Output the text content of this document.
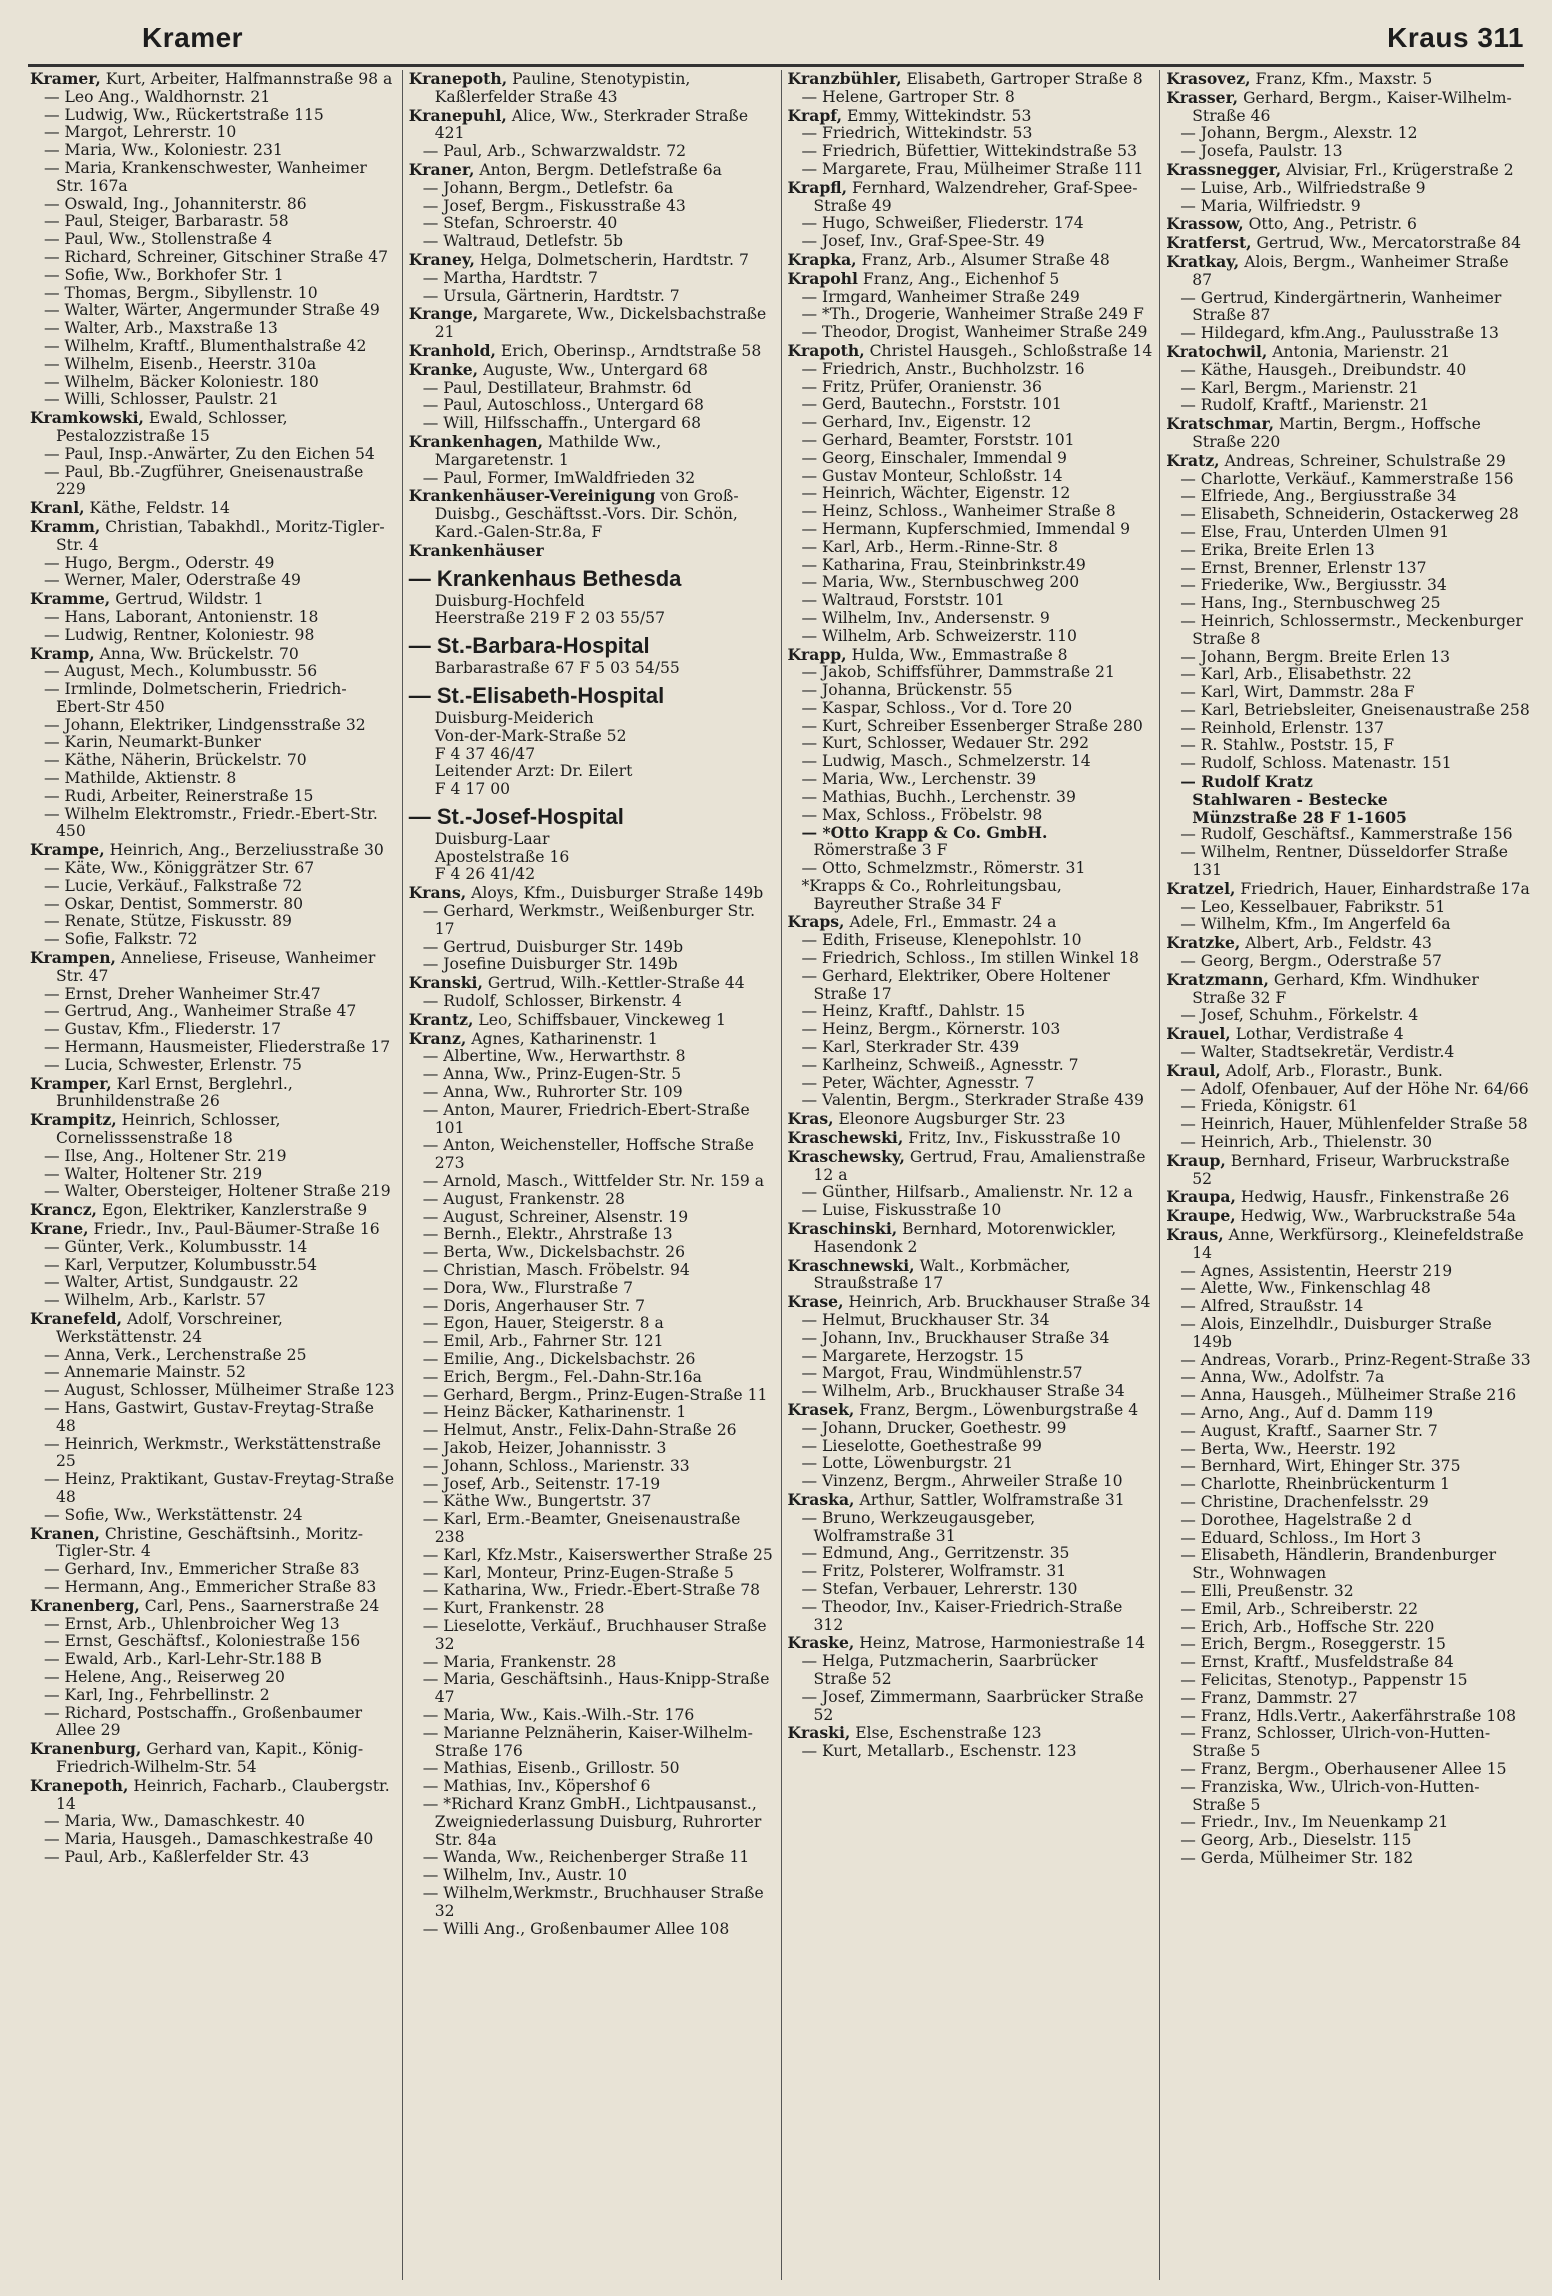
Kramer	Kraus 311
Kramer, Kurt, Arbeiter, Halfmannstraße 98 a
— Leo Ang., Waldhornstr. 21
— Ludwig, Ww., Rückertstraße 115
— Margot, Lehrerstr. 10
— Maria, Ww., Koloniestr. 231
— Maria, Krankenschwester, Wanheimer Str. 167a
— Oswald, Ing., Johanniterstr. 86
— Paul, Steiger, Barbarastr. 58
— Paul, Ww., Stollenstraße 4
— Richard, Schreiner, Gitschiner Straße 47
— Sofie, Ww., Borkhofer Str. 1
— Thomas, Bergm., Sibyllenstr. 10
— Walter, Wärter, Angermunder Straße 49
— Walter, Arb., Maxstraße 13
— Wilhelm, Kraftf., Blumenthalstraße 42
— Wilhelm, Eisenb., Heerstr. 310a
— Wilhelm, Bäcker Koloniestr. 180
— Willi, Schlosser, Paulstr. 21
Kramkowski, Ewald, Schlosser, Pestalozzistraße 15
— Paul, Insp.-Anwärter, Zu den Eichen 54
— Paul, Bb.-Zugführer, Gneisenaustraße 229
Kranl, Käthe, Feldstr. 14
Kramm, Christian, Tabakhdl., Moritz-Tigler-Str. 4
— Hugo, Bergm., Oderstr. 49
— Werner, Maler, Oderstraße 49
Kramme, Gertrud, Wildstr. 1
— Hans, Laborant, Antonienstr. 18
— Ludwig, Rentner, Koloniestr. 98
Kramp, Anna, Ww. Brückelstr. 70
— August, Mech., Kolumbusstr. 56
— Irmlinde, Dolmetscherin, Friedrich-Ebert-Str 450
— Johann, Elektriker, Lindgensstraße 32
— Karin, Neumarkt-Bunker
— Käthe, Näherin, Brückelstr. 70
— Mathilde, Aktienstr. 8
— Rudi, Arbeiter, Reinerstraße 15
— Wilhelm Elektromstr., Friedr.-Ebert-Str. 450
Krampe, Heinrich, Ang., Berzeliusstraße 30
— Käte, Ww., Königgrätzer Str. 67
— Lucie, Verkäuf., Falkstraße 72
— Oskar, Dentist, Sommerstr. 80
— Renate, Stütze, Fiskusstr. 89
— Sofie, Falkstr. 72
Krampen, Anneliese, Friseuse, Wanheimer Str. 47
— Ernst, Dreher Wanheimer Str.47
— Gertrud, Ang., Wanheimer Straße 47
— Gustav, Kfm., Fliederstr. 17
— Hermann, Hausmeister, Fliederstraße 17
— Lucia, Schwester, Erlenstr. 75
Kramper, Karl Ernst, Berglehrl., Brunhildenstraße 26
Krampitz, Heinrich, Schlosser, Cornelisssenstraße 18
— Ilse, Ang., Holtener Str. 219
— Walter, Holtener Str. 219
— Walter, Obersteiger, Holtener Straße 219
Krancz, Egon, Elektriker, Kanzlerstraße 9
Krane, Friedr., Inv., Paul-Bäumer-Straße 16
— Günter, Verk., Kolumbusstr. 14
— Karl, Verputzer, Kolumbusstr.54
— Walter, Artist, Sundgaustr. 22
— Wilhelm, Arb., Karlstr. 57
Kranefeld, Adolf, Vorschreiner, Werkstättenstr. 24
— Anna, Verk., Lerchenstraße 25
— Annemarie Mainstr. 52
— August, Schlosser, Mülheimer Straße 123
— Hans, Gastwirt, Gustav-Freytag-Straße 48
— Heinrich, Werkmstr., Werkstättenstraße 25
— Heinz, Praktikant, Gustav-Freytag-Straße 48
— Sofie, Ww., Werkstättenstr. 24
Kranen, Christine, Geschäftsinh., Moritz-Tigler-Str. 4
— Gerhard, Inv., Emmericher Straße 83
— Hermann, Ang., Emmericher Straße 83
Kranenberg, Carl, Pens., Saarnerstraße 24
— Ernst, Arb., Uhlenbroicher Weg 13
— Ernst, Geschäftsf., Koloniestraße 156
— Ewald, Arb., Karl-Lehr-Str.188 B
— Helene, Ang., Reiserweg 20
— Karl, Ing., Fehrbellinstr. 2
— Richard, Postschaffn., Großenbaumer Allee 29
Kranenburg, Gerhard van, Kapit., König-Friedrich-Wilhelm-Str. 54
Kranepoth, Heinrich, Facharb., Claubergstr. 14
— Maria, Ww., Damaschkestr. 40
— Maria, Hausgeh., Damaschkestraße 40
— Paul, Arb., Kaßlerfelder Str. 43
Kranepoth, Pauline, Stenotypistin, Kaßlerfelder Straße 43
Kranepuhl, Alice, Ww., Sterkrader Straße 421
— Paul, Arb., Schwarzwaldstr. 72
Kraner, Anton, Bergm. Detlefstraße 6a
— Johann, Bergm., Detlefstr. 6a
— Josef, Bergm., Fiskusstraße 43
— Stefan, Schroerstr. 40
— Waltraud, Detlefstr. 5b
Kraney, Helga, Dolmetscherin, Hardtstr. 7
— Martha, Hardtstr. 7
— Ursula, Gärtnerin, Hardtstr. 7
Krange, Margarete, Ww., Dickelsbachstraße 21
Kranhold, Erich, Oberinsp., Arndtstraße 58
Kranke, Auguste, Ww., Untergard 68
— Paul, Destillateur, Brahmstr. 6d
— Paul, Autoschloss., Untergard 68
— Will, Hilfsschaffn., Untergard 68
Krankenhagen, Mathilde Ww., Margaretenstr. 1
— Paul, Former, ImWaldfrieden 32
Krankenhäuser-Vereinigung von Groß-Duisbg., Geschäftsst.-Vors. Dir. Schön, Kard.-Galen-Str.8a, F
Krankenhäuser
— Krankenhaus Bethesda
Duisburg-Hochfeld
Heerstraße 219 F 2 03 55/57
— St.-Barbara-Hospital
Barbarastraße 67 F 5 03 54/55
— St.-Elisabeth-Hospital
Duisburg-Meiderich
Von-der-Mark-Straße 52
F 4 37 46/47
Leitender Arzt: Dr. Eilert
F 4 17 00
— St.-Josef-Hospital
Duisburg-Laar
Apostelstraße 16
F 4 26 41/42
Krans, Aloys, Kfm., Duisburger Straße 149b
— Gerhard, Werkmstr., Weißenburger Str. 17
— Gertrud, Duisburger Str. 149b
— Josefine Duisburger Str. 149b
Kranski, Gertrud, Wilh.-Kettler-Straße 44
— Rudolf, Schlosser, Birkenstr. 4
Krantz, Leo, Schiffsbauer, Vinckeweg 1
Kranz, Agnes, Katharinenstr. 1
— Albertine, Ww., Herwarthstr. 8
— Anna, Ww., Prinz-Eugen-Str. 5
— Anna, Ww., Ruhrorter Str. 109
— Anton, Maurer, Friedrich-Ebert-Straße 101
— Anton, Weichensteller, Hoffsche Straße 273
— Arnold, Masch., Wittfelder Str. Nr. 159 a
— August, Frankenstr. 28
— August, Schreiner, Alsenstr. 19
— Bernh., Elektr., Ahrstraße 13
— Berta, Ww., Dickelsbachstr. 26
— Christian, Masch. Fröbelstr. 94
— Dora, Ww., Flurstraße 7
— Doris, Angerhauser Str. 7
— Egon, Hauer, Steigerstr. 8 a
— Emil, Arb., Fahrner Str. 121
— Emilie, Ang., Dickelsbachstr. 26
— Erich, Bergm., Fel.-Dahn-Str.16a
— Gerhard, Bergm., Prinz-Eugen-Straße 11
— Heinz Bäcker, Katharinenstr. 1
— Helmut, Anstr., Felix-Dahn-Straße 26
— Jakob, Heizer, Johannisstr. 3
— Johann, Schloss., Marienstr. 33
— Josef, Arb., Seitenstr. 17-19
— Käthe Ww., Bungertstr. 37
— Karl, Erm.-Beamter, Gneisenaustraße 238
— Karl, Kfz.Mstr., Kaiserswerther Straße 25
— Karl, Monteur, Prinz-Eugen-Straße 5
— Katharina, Ww., Friedr.-Ebert-Straße 78
— Kurt, Frankenstr. 28
— Lieselotte, Verkäuf., Bruchhauser Straße 32
— Maria, Frankenstr. 28
— Maria, Geschäftsinh., Haus-Knipp-Straße 47
— Maria, Ww., Kais.-Wilh.-Str. 176
— Marianne Pelznäherin, Kaiser-Wilhelm-Straße 176
— Mathias, Eisenb., Grillostr. 50
— Mathias, Inv., Köpershof 6
— *Richard Kranz GmbH., Lichtpausanst., Zweigniederlassung Duisburg, Ruhrorter Str. 84a
— Wanda, Ww., Reichenberger Straße 11
— Wilhelm, Inv., Austr. 10
— Wilhelm,Werkmstr., Bruchhauser Straße 32
— Willi Ang., Großenbaumer Allee 108
Kranzbühler, Elisabeth, Gartroper Straße 8
— Helene, Gartroper Str. 8
Krapf, Emmy, Wittekindstr. 53
— Friedrich, Wittekindstr. 53
— Friedrich, Büfettier, Wittekindstraße 53
— Margarete, Frau, Mülheimer Straße 111
Krapfl, Fernhard, Walzendreher, Graf-Spee-Straße 49
— Hugo, Schweißer, Fliederstr. 174
— Josef, Inv., Graf-Spee-Str. 49
Krapka, Franz, Arb., Alsumer Straße 48
Krapohl Franz, Ang., Eichenhof 5
— Irmgard, Wanheimer Straße 249
— *Th., Drogerie, Wanheimer Straße 249 F
— Theodor, Drogist, Wanheimer Straße 249
Krapoth, Christel Hausgeh., Schloßstraße 14
— Friedrich, Anstr., Buchholzstr. 16
— Fritz, Prüfer, Oranienstr. 36
— Gerd, Bautechn., Forststr. 101
— Gerhard, Inv., Eigenstr. 12
— Gerhard, Beamter, Forststr. 101
— Georg, Einschaler, Immendal 9
— Gustav Monteur, Schloßstr. 14
— Heinrich, Wächter, Eigenstr. 12
— Heinz, Schloss., Wanheimer Straße 8
— Hermann, Kupferschmied, Immendal 9
— Karl, Arb., Herm.-Rinne-Str. 8
— Katharina, Frau, Steinbrinkstr.49
— Maria, Ww., Sternbuschweg 200
— Waltraud, Forststr. 101
— Wilhelm, Inv., Andersenstr. 9
— Wilhelm, Arb. Schweizerstr. 110
Krapp, Hulda, Ww., Emmastraße 8
— Jakob, Schiffsführer, Dammstraße 21
— Johanna, Brückenstr. 55
— Kaspar, Schloss., Vor d. Tore 20
— Kurt, Schreiber Essenberger Straße 280
— Kurt, Schlosser, Wedauer Str. 292
— Ludwig, Masch., Schmelzerstr. 14
— Maria, Ww., Lerchenstr. 39
— Mathias, Buchh., Lerchenstr. 39
— Max, Schloss., Fröbelstr. 98
— *Otto Krapp & Co. GmbH.
Römerstraße 3 F
— Otto, Schmelzmstr., Römerstr. 31
*Krapps & Co., Rohrleitungsbau, Bayreuther Straße 34 F
Kraps, Adele, Frl., Emmastr. 24 a
— Edith, Friseuse, Klenepohlstr. 10
— Friedrich, Schloss., Im stillen Winkel 18
— Gerhard, Elektriker, Obere Holtener Straße 17
— Heinz, Kraftf., Dahlstr. 15
— Heinz, Bergm., Körnerstr. 103
— Karl, Sterkrader Str. 439
— Karlheinz, Schweiß., Agnesstr. 7
— Peter, Wächter, Agnesstr. 7
— Valentin, Bergm., Sterkrader Straße 439
Kras, Eleonore Augsburger Str. 23
Kraschewski, Fritz, Inv., Fiskusstraße 10
Kraschewsky, Gertrud, Frau, Amalienstraße 12 a
— Günther, Hilfsarb., Amalienstr. Nr. 12 a
— Luise, Fiskusstraße 10
Kraschinski, Bernhard, Motorenwickler, Hasendonk 2
Kraschnewski, Walt., Korbmächer, Straußstraße 17
Krase, Heinrich, Arb. Bruckhauser Straße 34
— Helmut, Bruckhauser Str. 34
— Johann, Inv., Bruckhauser Straße 34
— Margarete, Herzogstr. 15
— Margot, Frau, Windmühlenstr.57
— Wilhelm, Arb., Bruckhauser Straße 34
Krasek, Franz, Bergm., Löwenburgstraße 4
— Johann, Drucker, Goethestr. 99
— Lieselotte, Goethestraße 99
— Lotte, Löwenburgstr. 21
— Vinzenz, Bergm., Ahrweiler Straße 10
Kraska, Arthur, Sattler, Wolframstraße 31
— Bruno, Werkzeugausgeber, Wolframstraße 31
— Edmund, Ang., Gerritzenstr. 35
— Fritz, Polsterer, Wolframstr. 31
— Stefan, Verbauer, Lehrerstr. 130
— Theodor, Inv., Kaiser-Friedrich-Straße 312
Kraske, Heinz, Matrose, Harmoniestraße 14
— Helga, Putzmacherin, Saarbrücker Straße 52
— Josef, Zimmermann, Saarbrücker Straße 52
Kraski, Else, Eschenstraße 123
— Kurt, Metallarb., Eschenstr. 123
Krasovez, Franz, Kfm., Maxstr. 5
Krasser, Gerhard, Bergm., Kaiser-Wilhelm-Straße 46
— Johann, Bergm., Alexstr. 12
— Josefa, Paulstr. 13
Krassnegger, Alvisiar, Frl., Krügerstraße 2
— Luise, Arb., Wilfriedstraße 9
— Maria, Wilfriedstr. 9
Krassow, Otto, Ang., Petristr. 6
Kratferst, Gertrud, Ww., Mercatorstraße 84
Kratkay, Alois, Bergm., Wanheimer Straße 87
— Gertrud, Kindergärtnerin, Wanheimer Straße 87
— Hildegard, kfm.Ang., Paulusstraße 13
Kratochwil, Antonia, Marienstr. 21
— Käthe, Hausgeh., Dreibundstr. 40
— Karl, Bergm., Marienstr. 21
— Rudolf, Kraftf., Marienstr. 21
Kratschmar, Martin, Bergm., Hoffsche Straße 220
Kratz, Andreas, Schreiner, Schulstraße 29
— Charlotte, Verkäuf., Kammerstraße 156
— Elfriede, Ang., Bergiusstraße 34
— Elisabeth, Schneiderin, Ostackerweg 28
— Else, Frau, Unterden Ulmen 91
— Erika, Breite Erlen 13
— Ernst, Brenner, Erlenstr 137
— Friederike, Ww., Bergiusstr. 34
— Hans, Ing., Sternbuschweg 25
— Heinrich, Schlossermstr., Meckenburger Straße 8
— Johann, Bergm. Breite Erlen 13
— Karl, Arb., Elisabethstr. 22
— Karl, Wirt, Dammstr. 28a F
— Karl, Betriebsleiter, Gneisenaustraße 258
— Reinhold, Erlenstr. 137
— R. Stahlw., Poststr. 15, F
— Rudolf, Schloss. Matenastr. 151
— Rudolf Kratz
Stahlwaren - Bestecke
Münzstraße 28 F 1-1605
— Rudolf, Geschäftsf., Kammerstraße 156
— Wilhelm, Rentner, Düsseldorfer Straße 131
Kratzel, Friedrich, Hauer, Einhardstraße 17a
— Leo, Kesselbauer, Fabrikstr. 51
— Wilhelm, Kfm., Im Angerfeld 6a
Kratzke, Albert, Arb., Feldstr. 43
— Georg, Bergm., Oderstraße 57
Kratzmann, Gerhard, Kfm. Windhuker Straße 32 F
— Josef, Schuhm., Förkelstr. 4
Krauel, Lothar, Verdistraße 4
— Walter, Stadtsekretär, Verdistr.4
Kraul, Adolf, Arb., Florastr., Bunk.
— Adolf, Ofenbauer, Auf der Höhe Nr. 64/66
— Frieda, Königstr. 61
— Heinrich, Hauer, Mühlenfelder Straße 58
— Heinrich, Arb., Thielenstr. 30
Kraup, Bernhard, Friseur, Warbruckstraße 52
Kraupa, Hedwig, Hausfr., Finkenstraße 26
Kraupe, Hedwig, Ww., Warbruckstraße 54a
Kraus, Anne, Werkfürsorg., Kleinefeldstraße 14
— Agnes, Assistentin, Heerstr 219
— Alette, Ww., Finkenschlag 48
— Alfred, Straußstr. 14
— Alois, Einzelhdlr., Duisburger Straße 149b
— Andreas, Vorarb., Prinz-Regent-Straße 33
— Anna, Ww., Adolfstr. 7a
— Anna, Hausgeh., Mülheimer Straße 216
— Arno, Ang., Auf d. Damm 119
— August, Kraftf., Saarner Str. 7
— Berta, Ww., Heerstr. 192
— Bernhard, Wirt, Ehinger Str. 375
— Charlotte, Rheinbrückenturm 1
— Christine, Drachenfelsstr. 29
— Dorothee, Hagelstraße 2 d
— Eduard, Schloss., Im Hort 3
— Elisabeth, Händlerin, Brandenburger Str., Wohnwagen
— Elli, Preußenstr. 32
— Emil, Arb., Schreiberstr. 22
— Erich, Arb., Hoffsche Str. 220
— Erich, Bergm., Roseggerstr. 15
— Ernst, Kraftf., Musfeldstraße 84
— Felicitas, Stenotyp., Pappenstr 15
— Franz, Dammstr. 27
— Franz, Hdls.Vertr., Aakerfährstraße 108
— Franz, Schlosser, Ulrich-von-Hutten-Straße 5
— Franz, Bergm., Oberhausener Allee 15
— Franziska, Ww., Ulrich-von-Hutten-Straße 5
— Friedr., Inv., Im Neuenkamp 21
— Georg, Arb., Dieselstr. 115
— Gerda, Mülheimer Str. 182
